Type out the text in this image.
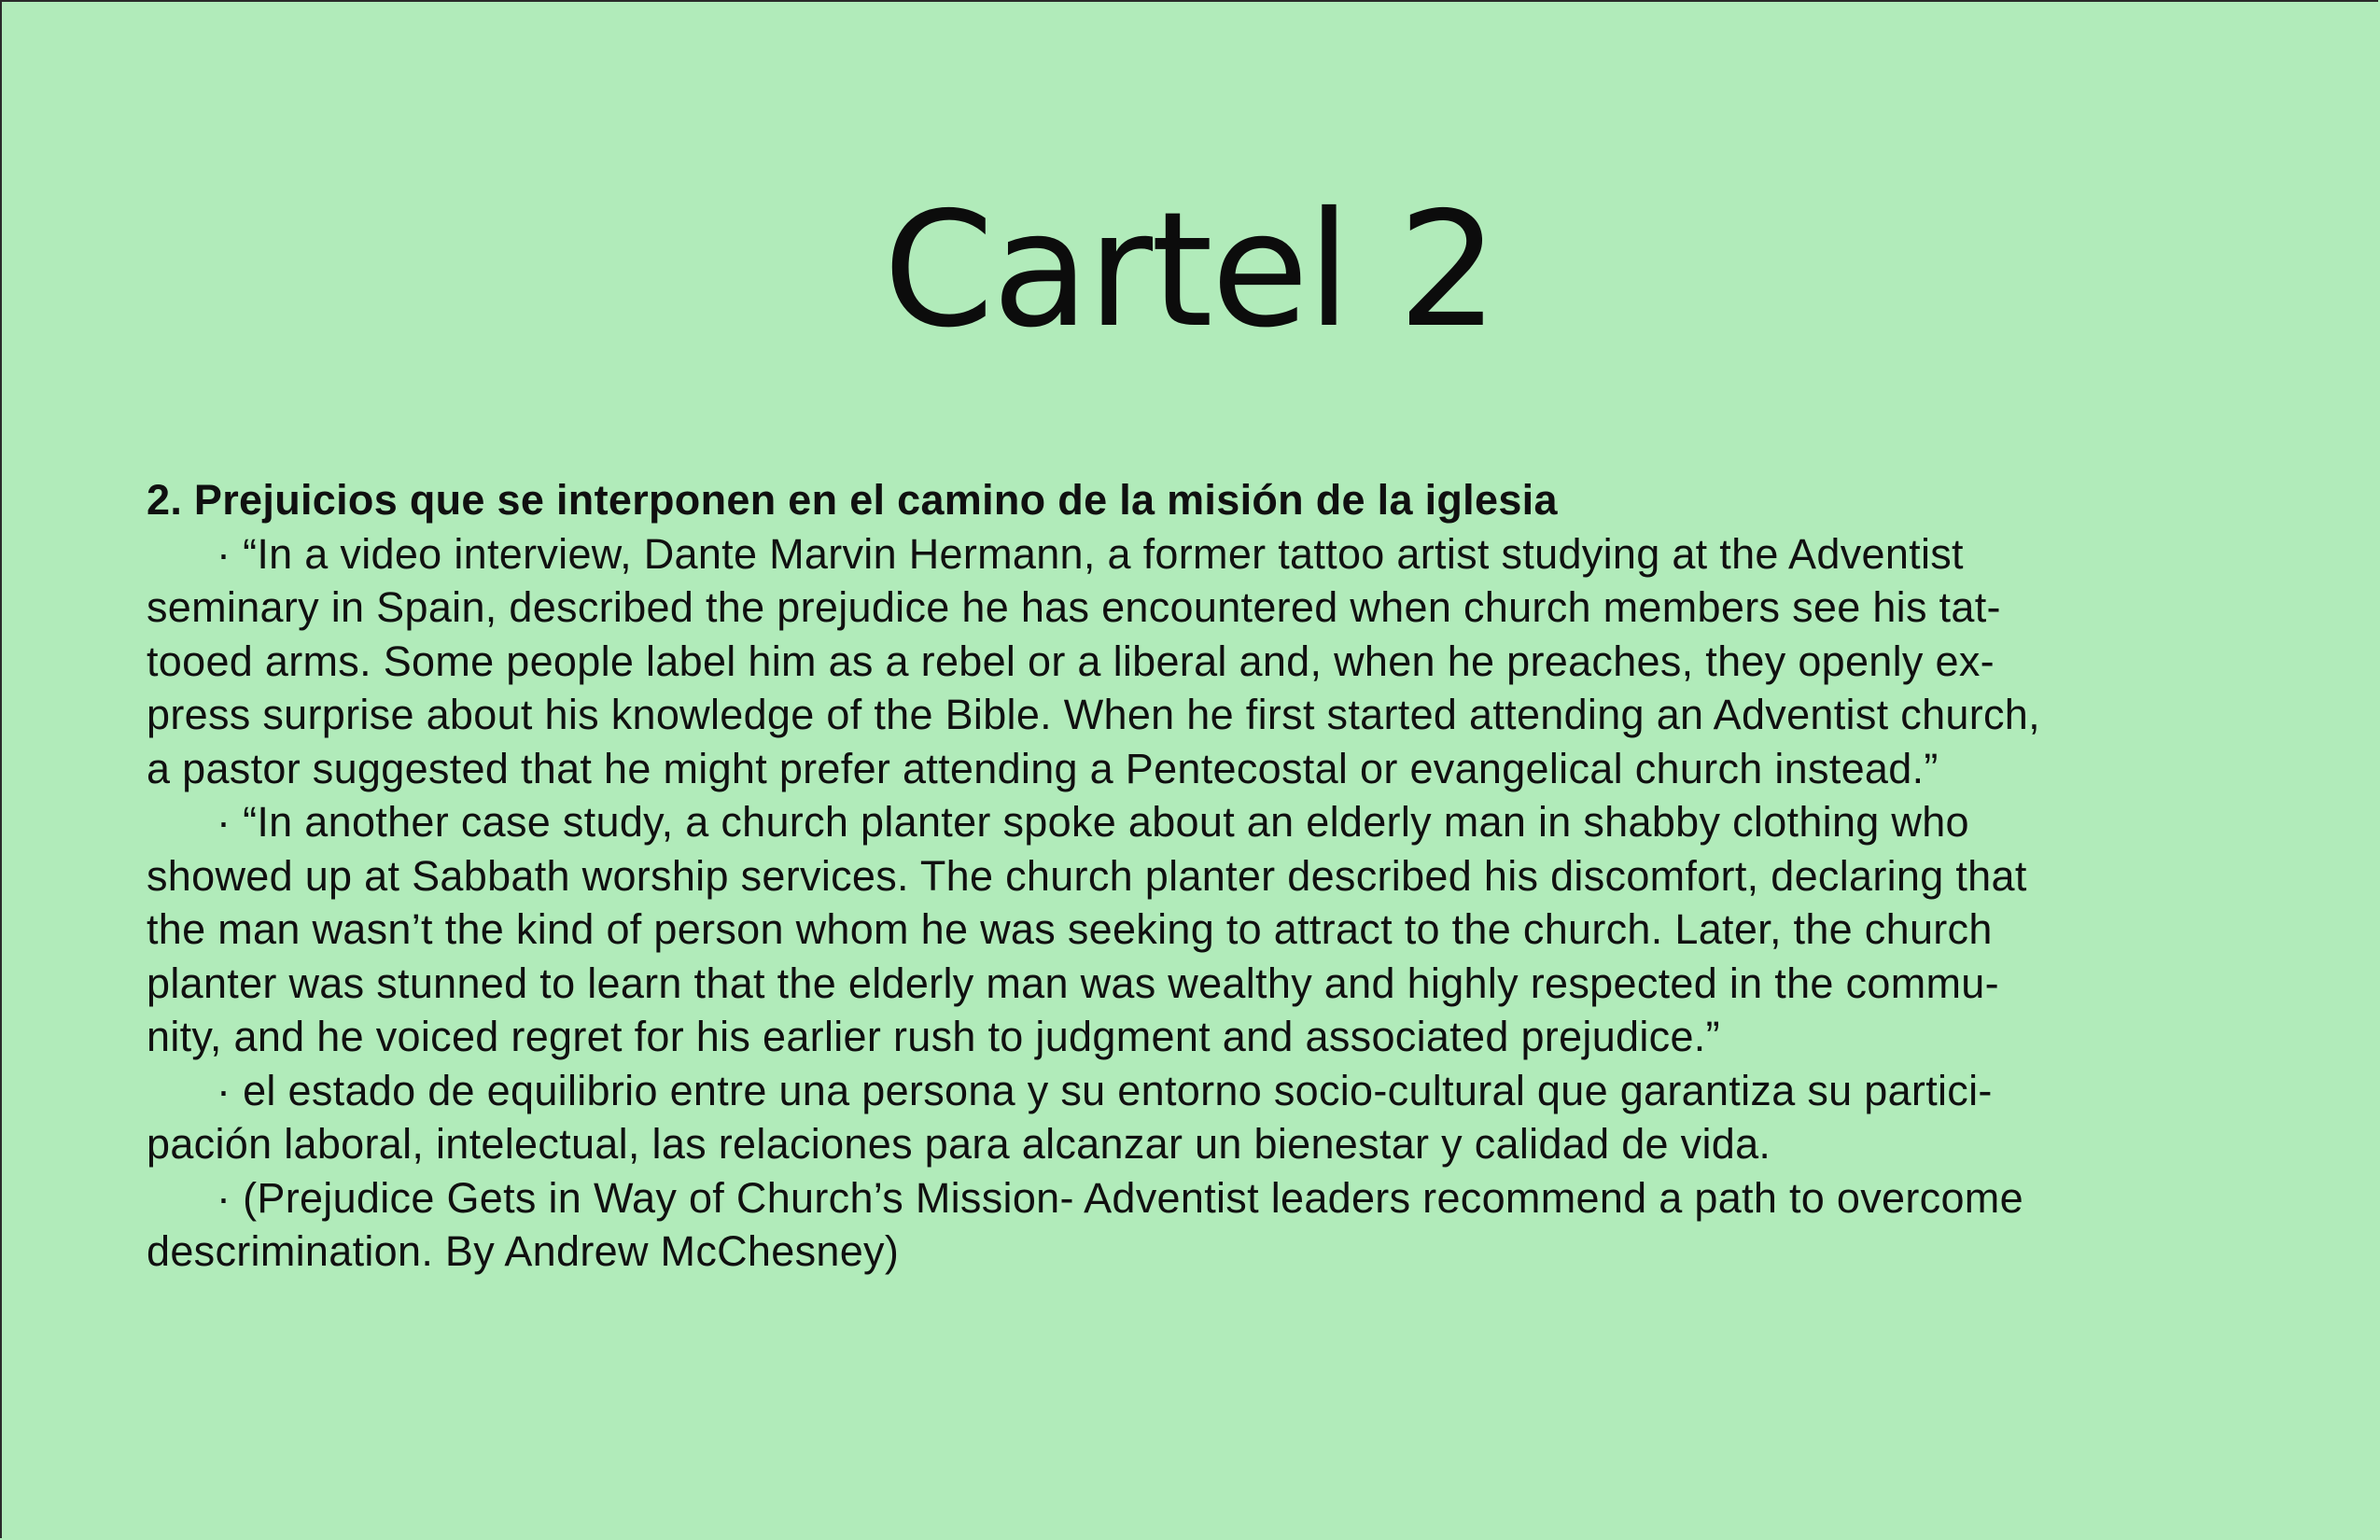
Cartel 2

2. Prejuicios que se interponen en el camino de la misión de la iglesia

· “In a video interview, Dante Marvin Hermann, a former tattoo artist studying at the Adventist
seminary in Spain, described the prejudice he has encountered when church members see his tat-
tooed arms. Some people label him as a rebel or a liberal and, when he preaches, they openly ex-
press surprise about his knowledge of the Bible. When he first started attending an Adventist church,
a pastor suggested that he might prefer attending a Pentecostal or evangelical church instead.”

· “In another case study, a church planter spoke about an elderly man in shabby clothing who
showed up at Sabbath worship services. The church planter described his discomfort, declaring that
the man wasn’t the kind of person whom he was seeking to attract to the church. Later, the church
planter was stunned to learn that the elderly man was wealthy and highly respected in the commu-
nity, and he voiced regret for his earlier rush to judgment and associated prejudice.”

· el estado de equilibrio entre una persona y su entorno socio-cultural que garantiza su partici-
pación laboral, intelectual, las relaciones para alcanzar un bienestar y calidad de vida.

· (Prejudice Gets in Way of Church’s Mission- Adventist leaders recommend a path to overcome
descrimination. By Andrew McChesney)
